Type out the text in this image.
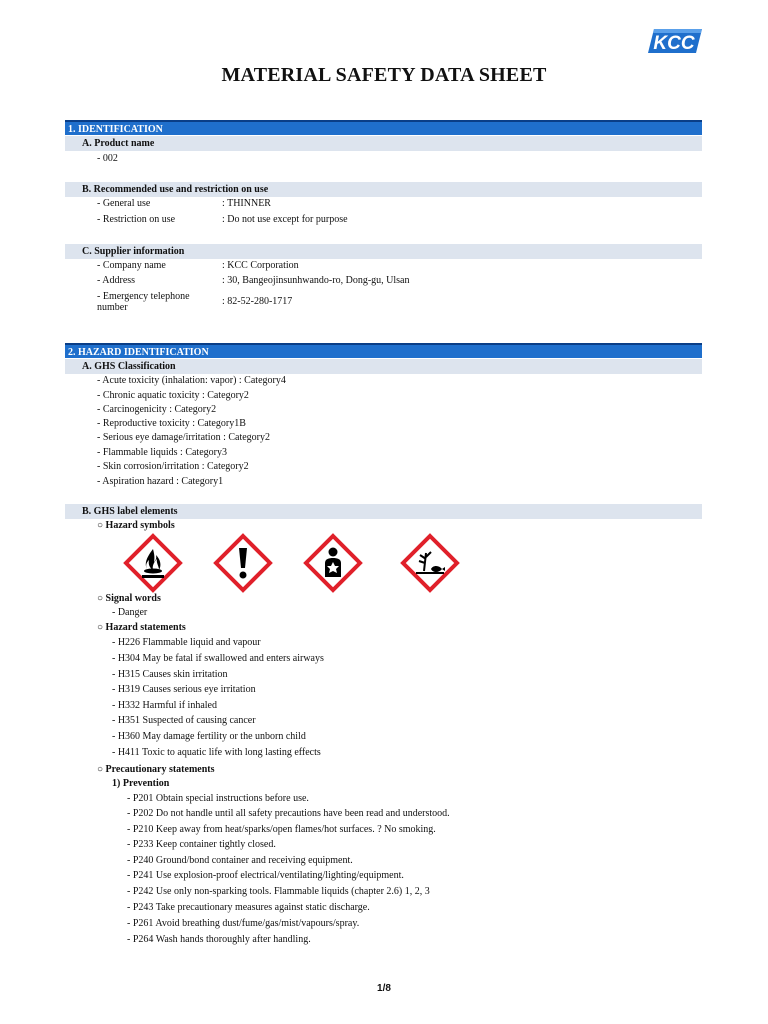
KCC
MATERIAL SAFETY DATA SHEET
1. IDENTIFICATION
A. Product name
- 002
B. Recommended use and restriction on use
- General use	: THINNER
- Restriction on use	: Do not use except for purpose
C. Supplier information
- Company name	: KCC Corporation
- Address	: 30, Bangeojinsunhwando-ro, Dong-gu, Ulsan
- Emergency telephone
number
: 82-52-280-1717
2. HAZARD IDENTIFICATION
A. GHS Classification
- Acute toxicity (inhalation: vapor) : Category4
- Chronic aquatic toxicity : Category2
- Carcinogenicity : Category2
- Reproductive toxicity : Category1B
- Serious eye damage/irritation : Category2
- Flammable liquids : Category3
- Skin corrosion/irritation : Category2
- Aspiration hazard : Category1
B. GHS label elements
○ Hazard symbols
○ Signal words
- Danger
○ Hazard statements
- H226 Flammable liquid and vapour
- H304 May be fatal if swallowed and enters airways
- H315 Causes skin irritation
- H319 Causes serious eye irritation
- H332 Harmful if inhaled
- H351 Suspected of causing cancer
- H360 May damage fertility or the unborn child
- H411 Toxic to aquatic life with long lasting effects
○ Precautionary statements
1) Prevention
- P201 Obtain special instructions before use.
- P202 Do not handle until all safety precautions have been read and understood.
- P210 Keep away from heat/sparks/open flames/hot surfaces. ? No smoking.
- P233 Keep container tightly closed.
- P240 Ground/bond container and receiving equipment.
- P241 Use explosion-proof electrical/ventilating/lighting/equipment.
- P242 Use only non-sparking tools. Flammable liquids (chapter 2.6) 1, 2, 3
- P243 Take precautionary measures against static discharge.
- P261 Avoid breathing dust/fume/gas/mist/vapours/spray.
- P264 Wash hands thoroughly after handling.
1/8
